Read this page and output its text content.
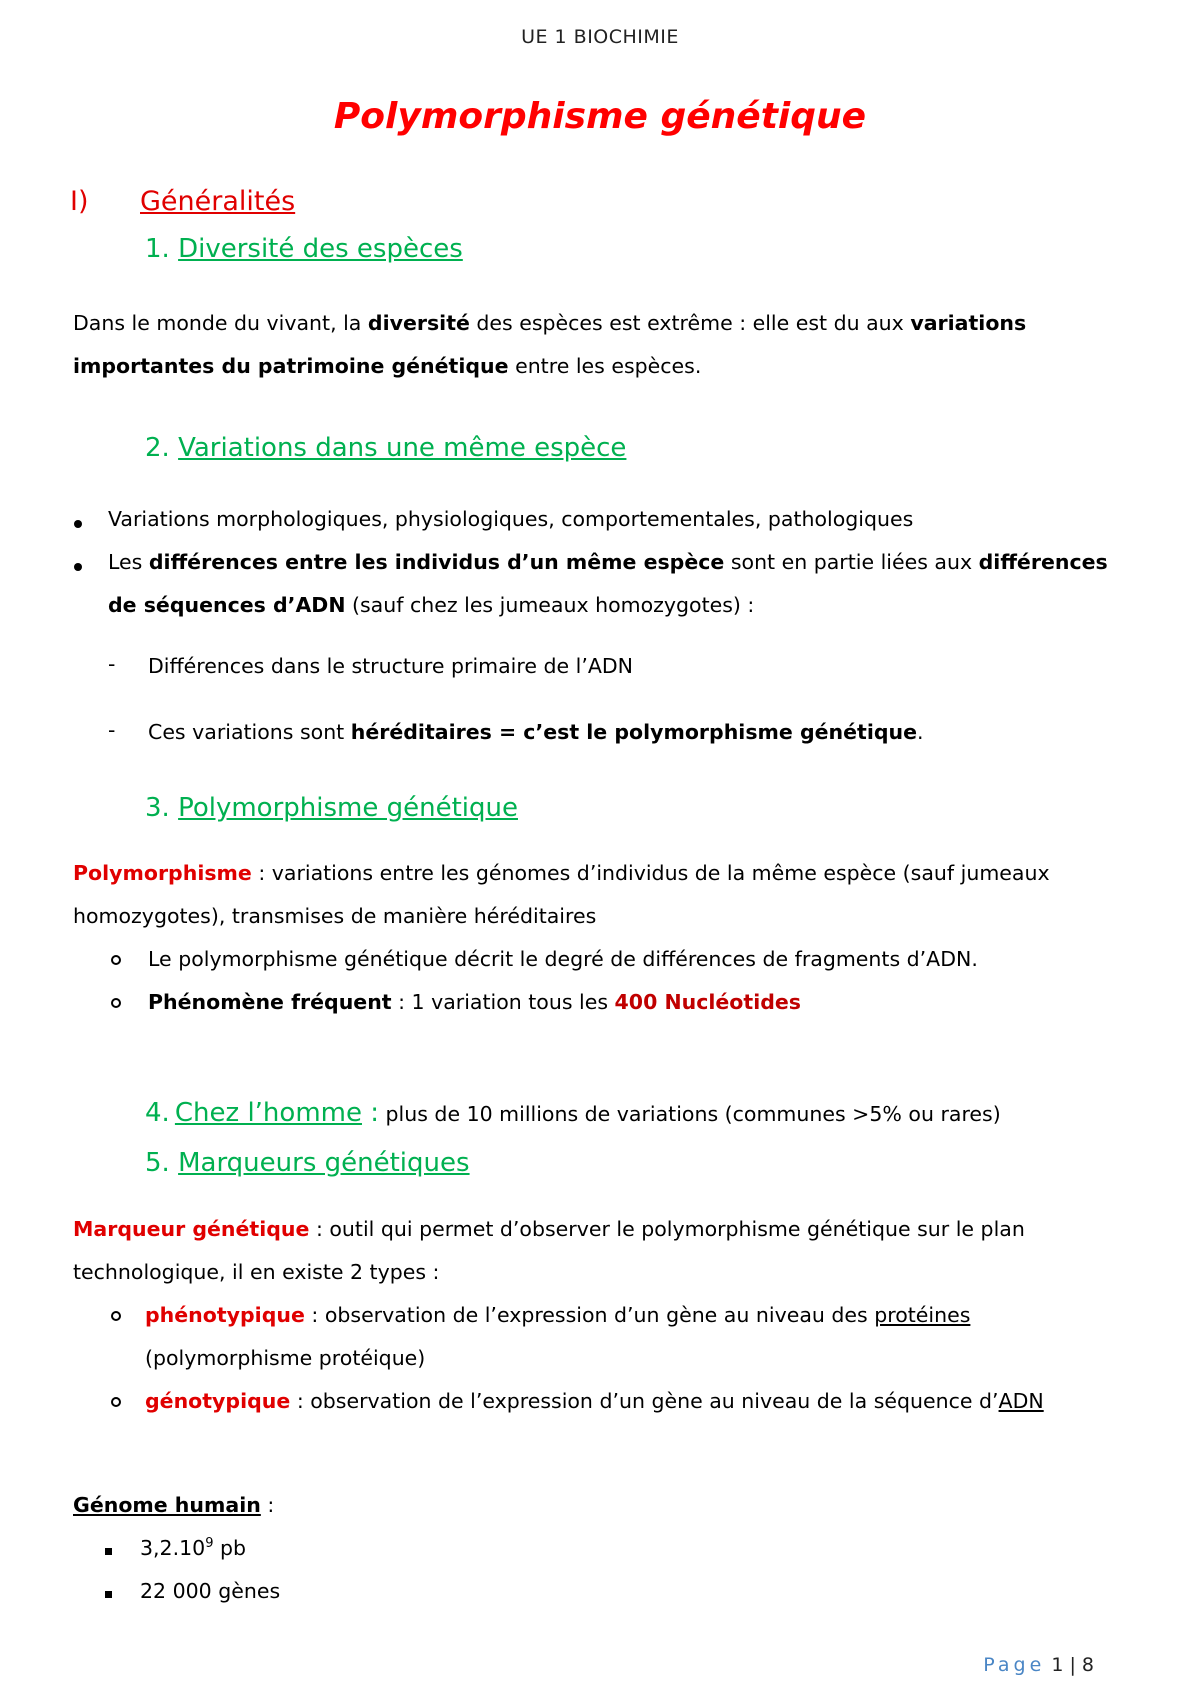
UE 1 BIOCHIMIE
Polymorphisme génétique
I) Généralités
1. Diversité des espèces
Dans le monde du vivant, la diversité des espèces est extrême : elle est du aux variations
importantes du patrimoine génétique entre les espèces.
2. Variations dans une même espèce
Variations morphologiques, physiologiques, comportementales, pathologiques
Les différences entre les individus d’un même espèce sont en partie liées aux différences
de séquences d’ADN (sauf chez les jumeaux homozygotes) :
- Différences dans le structure primaire de l’ADN
- Ces variations sont héréditaires = c’est le polymorphisme génétique.
3. Polymorphisme génétique
Polymorphisme : variations entre les génomes d’individus de la même espèce (sauf jumeaux
homozygotes), transmises de manière héréditaires
Le polymorphisme génétique décrit le degré de différences de fragments d’ADN.
Phénomène fréquent : 1 variation tous les 400 Nucléotides
4. Chez l’homme : plus de 10 millions de variations (communes >5% ou rares)
5. Marqueurs génétiques
Marqueur génétique : outil qui permet d’observer le polymorphisme génétique sur le plan
technologique, il en existe 2 types :
phénotypique : observation de l’expression d’un gène au niveau des protéines
(polymorphisme protéique)
génotypique : observation de l’expression d’un gène au niveau de la séquence d’ADN
Génome humain :
3,2.10$^9$ pb
22 000 gènes
Page 1 | 8
